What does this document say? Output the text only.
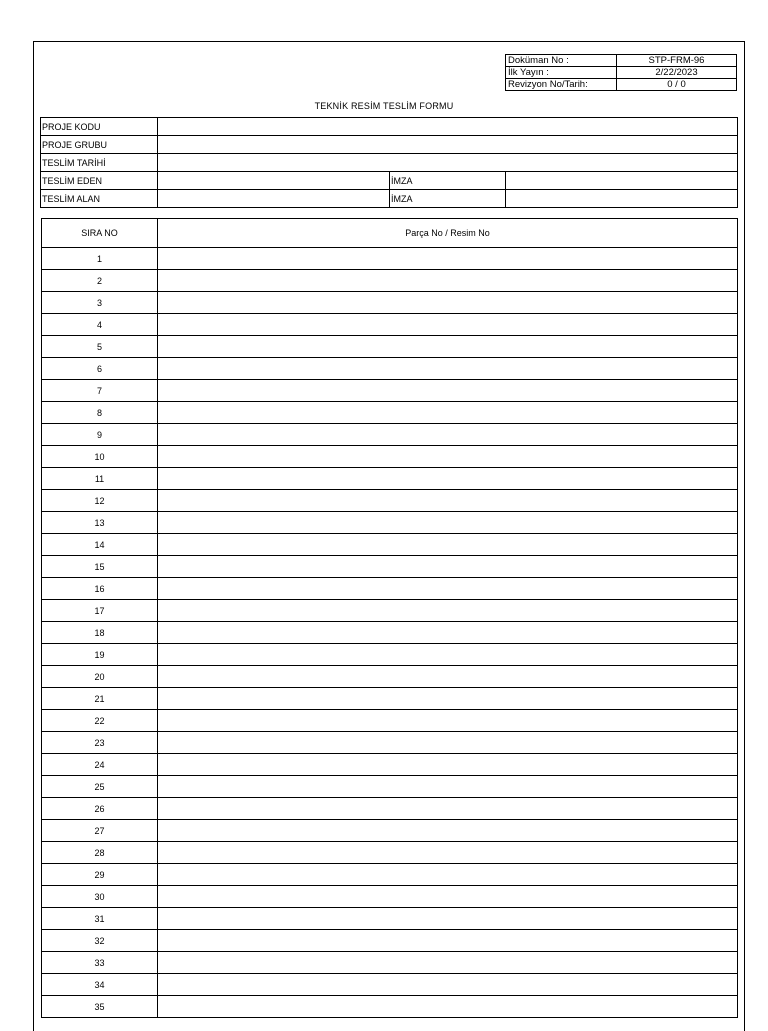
Doküman No :	STP-FRM-96
İlk Yayın :	2/22/2023
Revizyon No/Tarih:	0 / 0
TEKNİK RESİM TESLİM FORMU
PROJE KODU			
PROJE GRUBU			
TESLİM TARİHİ			
TESLİM EDEN		İMZA	
TESLİM ALAN		İMZA	
SIRA NO	Parça No / Resim No
1	
2	
3	
4	
5	
6	
7	
8	
9	
10	
11	
12	
13	
14	
15	
16	
17	
18	
19	
20	
21	
22	
23	
24	
25	
26	
27	
28	
29	
30	
31	
32	
33	
34	
35	
